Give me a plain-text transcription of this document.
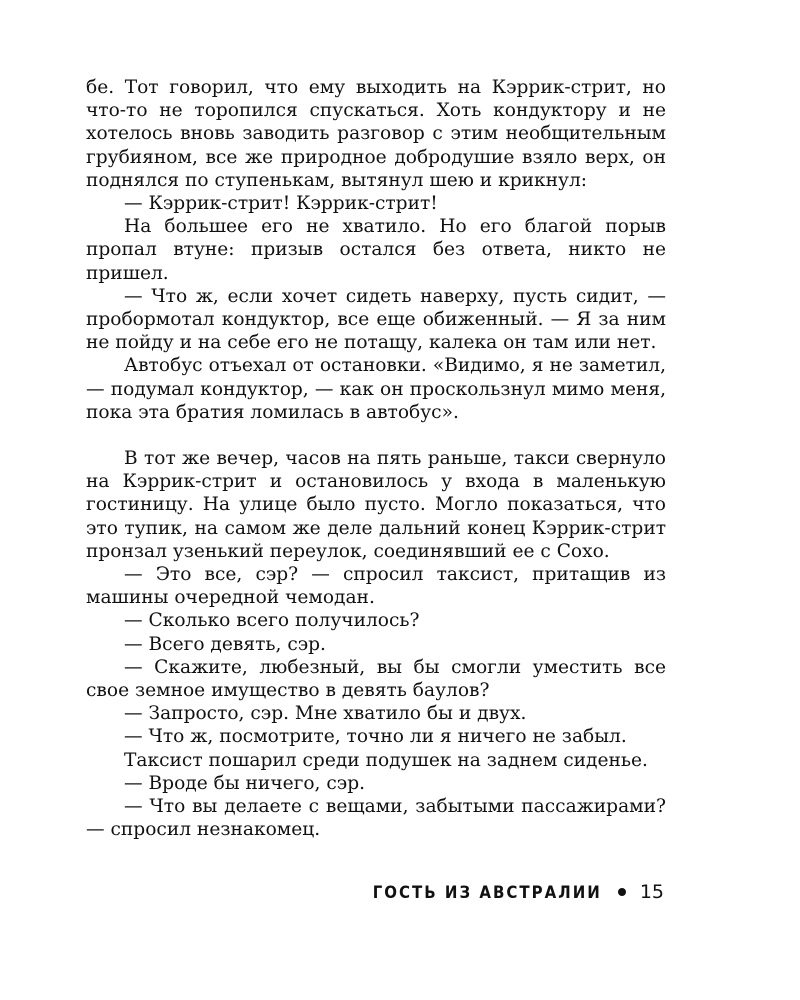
бе. Тот говорил, что ему выходить на Кэррик-стрит, но что-то не торопился спускаться. Хоть кондуктору и не хотелось вновь заводить разговор с этим необщительным грубияном, все же природное добродушие взяло верх, он поднялся по ступенькам, вытянул шею и крикнул:

— Кэррик-стрит! Кэррик-стрит!

На большее его не хватило. Но его благой порыв пропал втуне: призыв остался без ответа, никто не пришел.

— Что ж, если хочет сидеть наверху, пусть сидит, — пробормотал кондуктор, все еще обиженный. — Я за ним не пойду и на себе его не потащу, калека он там или нет.

Автобус отъехал от остановки. «Видимо, я не заметил, — подумал кондуктор, — как он проскользнул мимо меня, пока эта братия ломилась в автобус».

В тот же вечер, часов на пять раньше, такси свернуло на Кэррик-стрит и остановилось у входа в маленькую гостиницу. На улице было пусто. Могло показаться, что это тупик, на самом же деле дальний конец Кэррик-стрит пронзал узенький переулок, соединявший ее с Сохо.

— Это все, сэр? — спросил таксист, притащив из машины очередной чемодан.

— Сколько всего получилось?

— Всего девять, сэр.

— Скажите, любезный, вы бы смогли уместить все свое земное имущество в девять баулов?

— Запросто, сэр. Мне хватило бы и двух.

— Что ж, посмотрите, точно ли я ничего не забыл.

Таксист пошарил среди подушек на заднем сиденье.

— Вроде бы ничего, сэр.

— Что вы делаете с вещами, забытыми пассажирами? — спросил незнакомец.

ГОСТЬ ИЗ АВСТРАЛИИ 15
